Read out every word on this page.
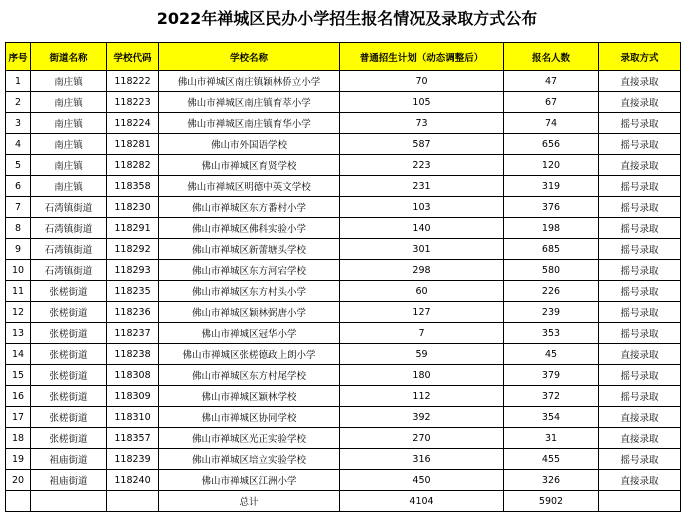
2022年禅城区民办小学招生报名情况及录取方式公布
序号	街道名称	学校代码	学校名称	普通招生计划（动态调整后）	报名人数	录取方式
1	南庄镇	118222	佛山市禅城区南庄镇颖林侨立小学	70	47	直接录取
2	南庄镇	118223	佛山市禅城区南庄镇育萃小学	105	67	直接录取
3	南庄镇	118224	佛山市禅城区南庄镇育华小学	73	74	摇号录取
4	南庄镇	118281	佛山市外国语学校	587	656	摇号录取
5	南庄镇	118282	佛山市禅城区育贤学校	223	120	直接录取
6	南庄镇	118358	佛山市禅城区明德中英文学校	231	319	摇号录取
7	石湾镇街道	118230	佛山市禅城区东方番村小学	103	376	摇号录取
8	石湾镇街道	118291	佛山市禅城区佛科实验小学	140	198	摇号录取
9	石湾镇街道	118292	佛山市禅城区新蕾塘头学校	301	685	摇号录取
10	石湾镇街道	118293	佛山市禅城区东方河宕学校	298	580	摇号录取
11	张槎街道	118235	佛山市禅城区东方村头小学	60	226	摇号录取
12	张槎街道	118236	佛山市禅城区颖林弼唐小学	127	239	摇号录取
13	张槎街道	118237	佛山市禅城区冠华小学	7	353	摇号录取
14	张槎街道	118238	佛山市禅城区张槎德政上朗小学	59	45	直接录取
15	张槎街道	118308	佛山市禅城区东方村尾学校	180	379	摇号录取
16	张槎街道	118309	佛山市禅城区颖林学校	112	372	摇号录取
17	张槎街道	118310	佛山市禅城区协同学校	392	354	直接录取
18	张槎街道	118357	佛山市禅城区光正实验学校	270	31	直接录取
19	祖庙街道	118239	佛山市禅城区培立实验学校	316	455	摇号录取
20	祖庙街道	118240	佛山市禅城区江洲小学	450	326	直接录取
			总计	4104	5902	
